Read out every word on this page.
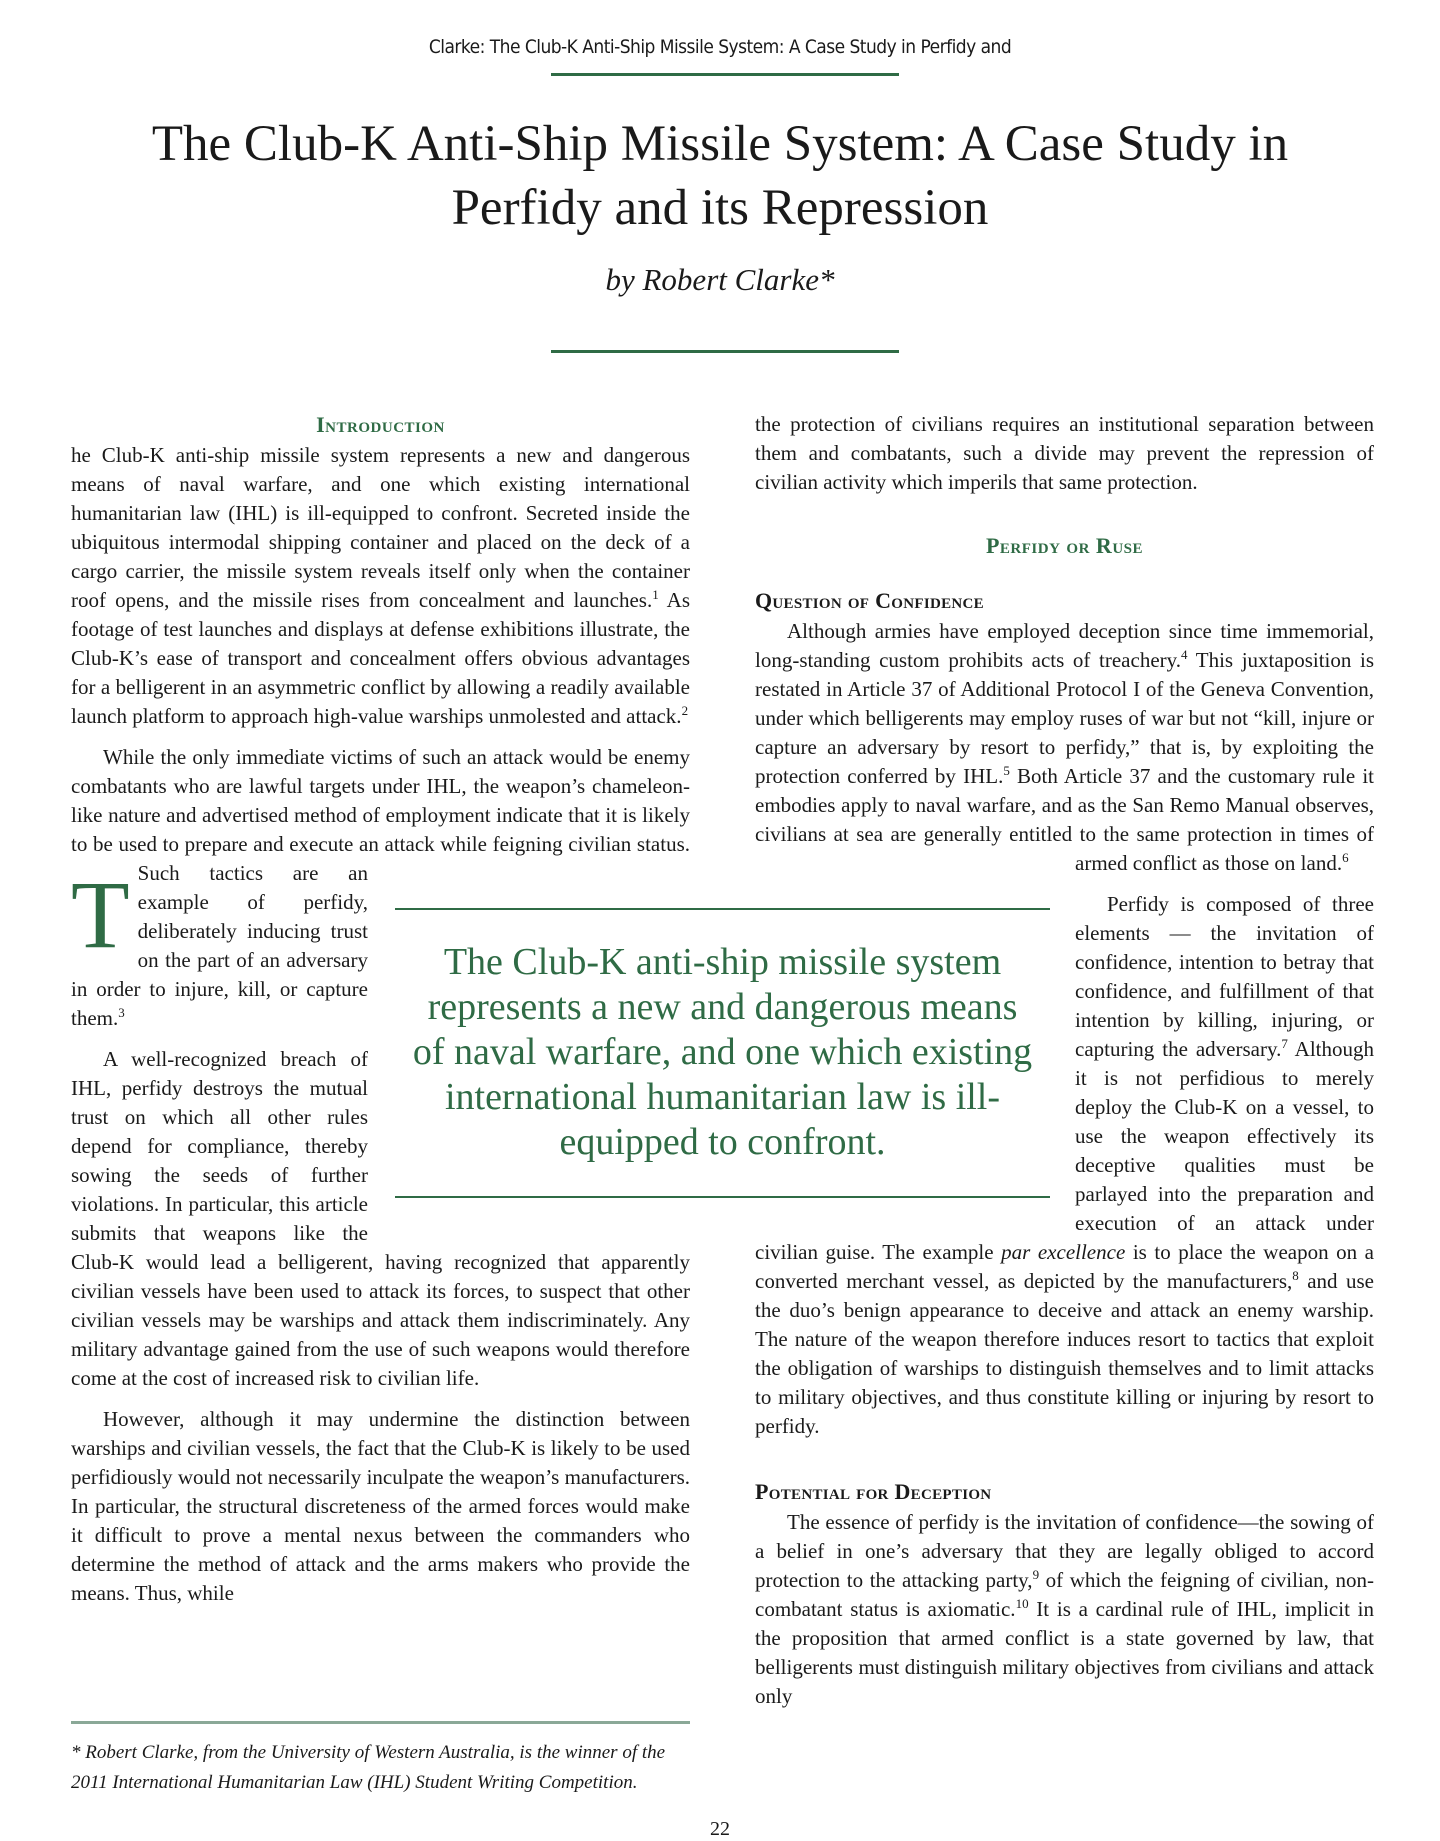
Clarke: The Club-K Anti-Ship Missile System: A Case Study in Perfidy and
The Club-K Anti-Ship Missile System: A Case Study in
Perfidy and its Repression
by Robert Clarke*
Introduction

T
he Club-K anti-ship missile system represents a new and dangerous means of naval warfare, and one which existing international humanitarian law (IHL) is ill-equipped to confront. Secreted inside the ubiquitous intermodal shipping container and placed on the deck of a cargo carrier, the missile system reveals itself only when the container roof opens, and the missile rises from concealment and launches.$^1$ As footage of test launches and displays at defense exhibitions illustrate, the Club-K’s ease of transport and concealment offers obvious advantages for a belligerent in an asymmetric conflict by allowing a readily available launch platform to approach high-value warships unmolested and attack.$^2$

While the only immediate victims of such an attack would be enemy combatants who are lawful targets under IHL, the weapon’s chameleon-like nature and advertised method of employment indicate that it is likely to be used to prepare and execute an attack while feigning civilian status. Such tactics are an example of perfidy, deliberately inducing trust on the part of an adversary in order to injure, kill, or capture them.$^3$

A well-recognized breach of IHL, perfidy destroys the mutual trust on which all other rules depend for compliance, thereby sowing the seeds of further violations. In particular, this article submits that weapons like the Club-K would lead a belligerent, having recognized that apparently civilian vessels have been used to attack its forces, to suspect that other civilian vessels may be warships and attack them indiscriminately. Any military advantage gained from the use of such weapons would therefore come at the cost of increased risk to civilian life.

However, although it may undermine the distinction between warships and civilian vessels, the fact that the Club-K is likely to be used perfidiously would not necessarily inculpate the weapon’s manufacturers. In particular, the structural discreteness of the armed forces would make it difficult to prove a mental nexus between the commanders who determine the method of attack and the arms makers who provide the means. Thus, while

the protection of civilians requires an institutional separation between them and combatants, such a divide may prevent the repression of civilian activity which imperils that same protection.

Perfidy or Ruse
Question of Confidence

Although armies have employed deception since time immemorial, long-standing custom prohibits acts of treachery.$^4$ This juxtaposition is restated in Article 37 of Additional Protocol I of the Geneva Convention, under which belligerents may employ ruses of war but not “kill, injure or capture an adversary by resort to perfidy,” that is, by exploiting the protection conferred by IHL.$^5$ Both Article 37 and the customary rule it embodies apply to naval warfare, and as the San Remo Manual observes, civilians at sea are generally entitled to the same protection in times of armed conflict as those on land.$^6$

Perfidy is composed of three elements — the invitation of confidence, intention to betray that confidence, and fulfillment of that intention by killing, injuring, or capturing the adversary.$^7$ Although it is not perfidious to merely deploy the Club-K on a vessel, to use the weapon effectively its deceptive qualities must be parlayed into the preparation and execution of an attack under civilian guise. The example par excellence is to place the weapon on a converted merchant vessel, as depicted by the manufacturers,$^8$ and use the duo’s benign appearance to deceive and attack an enemy warship. The nature of the weapon therefore induces resort to tactics that exploit the obligation of warships to distinguish themselves and to limit attacks to military objectives, and thus constitute killing or injuring by resort to perfidy.

Potential for Deception

The essence of perfidy is the invitation of confidence—the sowing of a belief in one’s adversary that they are legally obliged to accord protection to the attacking party,$^9$ of which the feigning of civilian, non-combatant status is axiomatic.$^{10}$ It is a cardinal rule of IHL, implicit in the proposition that armed conflict is a state governed by law, that belligerents must distinguish military objectives from civilians and attack only

The Club-K anti-ship missile system represents a new and dangerous means of naval warfare, and one which existing international humanitarian law is ill-equipped to confront.
* Robert Clarke, from the University of Western Australia, is the winner of the 2011 International Humanitarian Law (IHL) Student Writing Competition.
22
